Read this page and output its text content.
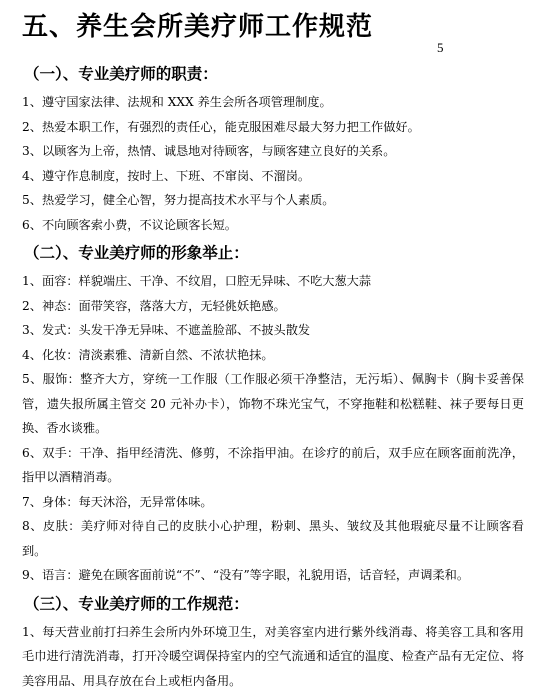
五、养生会所美疗师工作规范
5
（一）、专业美疗师的职责：

1、遵守国家法律、法规和 XXX 养生会所各项管理制度。

2、热爱本职工作，有强烈的责任心，能克服困难尽最大努力把工作做好。

3、以顾客为上帝，热情、诚恳地对待顾客，与顾客建立良好的关系。

4、遵守作息制度，按时上、下班、不窜岗、不溜岗。

5、热爱学习，健全心智，努力提高技术水平与个人素质。

6、不向顾客索小费，不议论顾客长短。

（二）、专业美疗师的形象举止：

1、面容：样貌端庄、干净、不纹眉，口腔无异味、不吃大葱大蒜

2、神态：面带笑容，落落大方，无轻佻妖艳感。

3、发式：头发干净无异味、不遮盖脸部、不披头散发

4、化妆：清淡素雅、清新自然、不浓状艳抹。

5、服饰：整齐大方，穿统一工作服（工作服必须干净整洁，无污垢）、佩胸卡（胸卡妥善保管，遗失报所属主管交 20 元补办卡），饰物不珠光宝气，不穿拖鞋和松糕鞋、袜子要每日更换、香水谈雅。

6、双手：干净、指甲经清洗、修剪，不涂指甲油。在诊疗的前后，双手应在顾客面前洗净，指甲以酒精消毒。

7、身体：每天沐浴，无异常体味。

8、皮肤：美疗师对待自己的皮肤小心护理，粉刺、黑头、皱纹及其他瑕疵尽量不让顾客看到。

9、语言：避免在顾客面前说“不”、“没有”等字眼，礼貌用语，话音轻，声调柔和。

（三）、专业美疗师的工作规范：

1、每天营业前打扫养生会所内外环境卫生，对美容室内进行紫外线消毒、将美容工具和客用毛巾进行清洗消毒，打开冷暖空调保持室内的空气流通和适宜的温度、检查产品有无定位、将美容用品、用具存放在台上或柜内备用。
